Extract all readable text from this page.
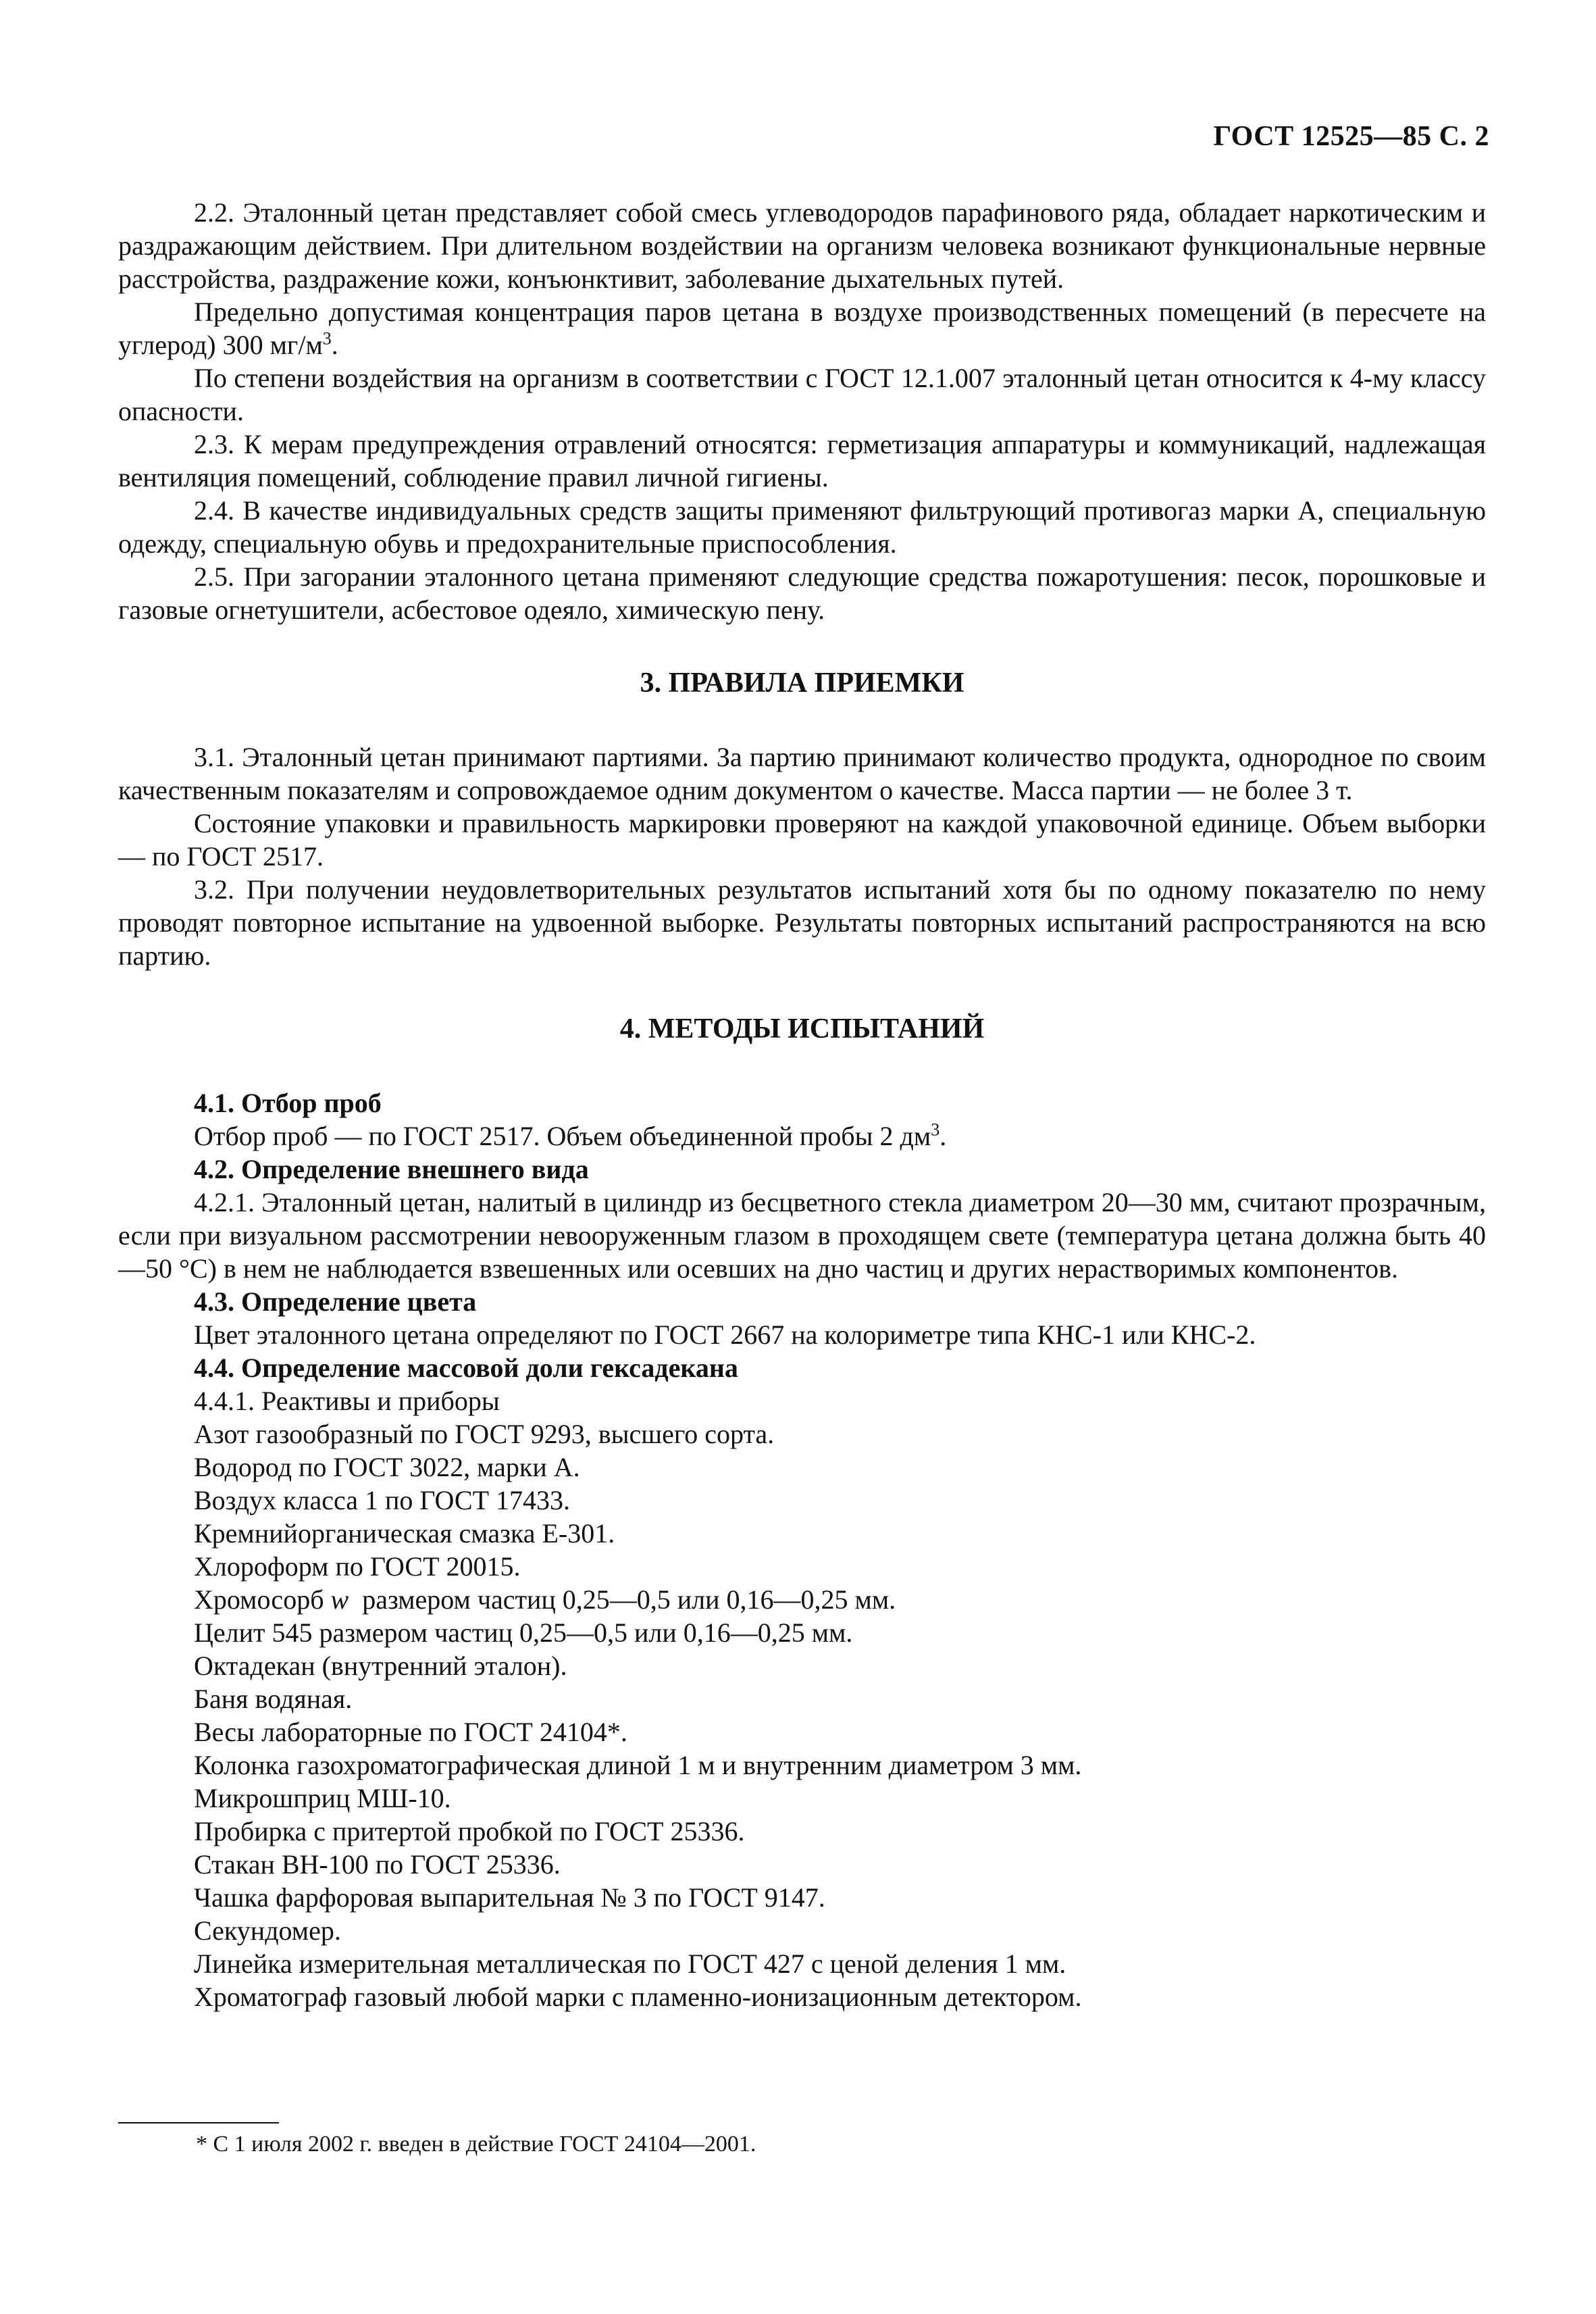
ГОСТ 12525—85 С. 2

2.2. Эталонный цетан представляет собой смесь углеводородов парафинового ряда, обладает наркотическим и раздражающим действием. При длительном воздействии на организм человека возникают функциональные нервные расстройства, раздражение кожи, конъюнктивит, заболевание дыхательных путей.

Предельно допустимая концентрация паров цетана в воздухе производственных помещений (в пересчете на углерод) 300 $мг/м^3$.

По степени воздействия на организм в соответствии с ГОСТ 12.1.007 эталонный цетан относится к 4-му классу опасности.

2.3. К мерам предупреждения отравлений относятся: герметизация аппаратуры и коммуникаций, надлежащая вентиляция помещений, соблюдение правил личной гигиены.

2.4. В качестве индивидуальных средств защиты применяют фильтрующий противогаз марки А, специальную одежду, специальную обувь и предохранительные приспособления.

2.5. При загорании эталонного цетана применяют следующие средства пожаротушения: песок, порошковые и газовые огнетушители, асбестовое одеяло, химическую пену.

3. ПРАВИЛА ПРИЕМКИ

3.1. Эталонный цетан принимают партиями. За партию принимают количество продукта, однородное по своим качественным показателям и сопровождаемое одним документом о качестве. Масса партии — не более 3 т.

Состояние упаковки и правильность маркировки проверяют на каждой упаковочной единице. Объем выборки — по ГОСТ 2517.

3.2. При получении неудовлетворительных результатов испытаний хотя бы по одному показателю по нему проводят повторное испытание на удвоенной выборке. Результаты повторных испытаний распространяются на всю партию.

4. МЕТОДЫ ИСПЫТАНИЙ

4.1. Отбор проб

Отбор проб — по ГОСТ 2517. Объем объединенной пробы 2 $дм^3$.

4.2. Определение внешнего вида

4.2.1. Эталонный цетан, налитый в цилиндр из бесцветного стекла диаметром 20—30 мм, считают прозрачным, если при визуальном рассмотрении невооруженным глазом в проходящем свете (температура цетана должна быть 40—50 °С) в нем не наблюдается взвешенных или осевших на дно частиц и других нерастворимых компонентов.

4.3. Определение цвета

Цвет эталонного цетана определяют по ГОСТ 2667 на колориметре типа КНС-1 или КНС-2.

4.4. Определение массовой доли гексадекана

4.4.1. Реактивы и приборы

Азот газообразный по ГОСТ 9293, высшего сорта.

Водород по ГОСТ 3022, марки А.

Воздух класса 1 по ГОСТ 17433.

Кремнийорганическая смазка Е-301.

Хлороформ по ГОСТ 20015.

Хромосорб w  размером частиц 0,25—0,5 или 0,16—0,25 мм.

Целит 545 размером частиц 0,25—0,5 или 0,16—0,25 мм.

Октадекан (внутренний эталон).

Баня водяная.

Весы лабораторные по ГОСТ 24104*.

Колонка газохроматографическая длиной 1 м и внутренним диаметром 3 мм.

Микрошприц МШ-10.

Пробирка с притертой пробкой по ГОСТ 25336.

Стакан ВН-100 по ГОСТ 25336.

Чашка фарфоровая выпарительная № 3 по ГОСТ 9147.

Секундомер.

Линейка измерительная металлическая по ГОСТ 427 с ценой деления 1 мм.

Хроматограф газовый любой марки с пламенно-ионизационным детектором.

* С 1 июля 2002 г. введен в действие ГОСТ 24104—2001.
